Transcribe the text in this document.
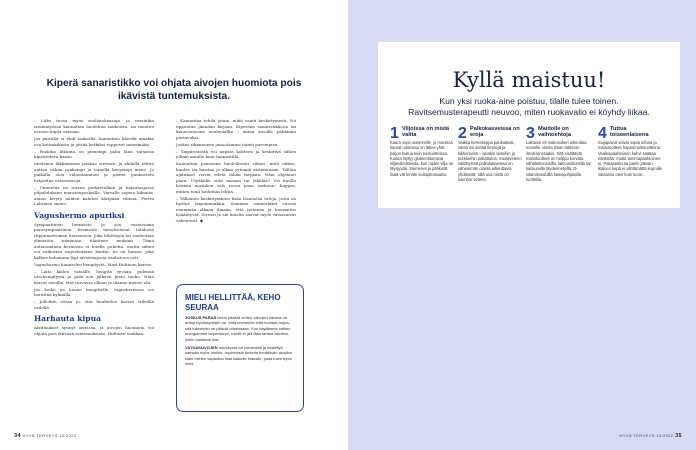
Kiperä sanaristikko voi ohjata aivojen huomiota pois ikävistä tuntemuksista.

– Liike tuosa myös suolistokaasuja, ja varsinkin istumatyössä kannattaa huolehtia taukoista, tai muuten nousee kupla vatsaan.

Jos päiväliä ei ehdi taukoilla, kannattaa käveliä ainakin osa kotimatkasta ja jättää hetkiksi rappuset menemään.

– Pauloka liikunta on pienempi paha kuin vatsassa kipristelevä kaasu.

Mielenen liikkuminen puskaa stressiä, ja yhdellä tätten auttaa vähän rankempi ja toinella kevyempi meno. Jo paikalla olon vähentäminen ja pienet puuhastelu helpottaa vatsavaivoja.

– Ummetus on turvaa perkertulkan ja hajautusjassa pilpahduksen maratonposkeille. Varsalle sopiva liikunta. annos kivyry näiden kahden ääripään välissä, Perttu Lahtinen sanoo.

Vagushermo apuriksi

Sympaattinen hermosto ja sen vastavoima parasympaattinen hermosto muodostavat tahdosta riippumattoman hermoston, joka lähtöisyiä tai rauhoittaa elimistön toimintaa tilanteen mukaan. Tämä autonominen hermosto ei totelle puhetta, mutta siihen voi vaikuttaa vagushermon kautta. Se on hermo, joka kulkee kehomme läpi aivorungosta suolistoon asti.

Vagushermo kuuntelee hengitystä, Mari Hultinen kertoo.

– Laita käden vatsalle, hengitä syvään, pidennä uloshengitystä ja pidä sen jälkeen pieni tauko. Näin kerrot aivoille, että turvassa ollaan ja tilanne menee ohi.

Jos heikö on huono hengittelle, vagushermosa voi herättää kylmällä.

– Jolloikin virtaa jo, että huuhtelee kasvot viileällä vedellä.

Harhauta kipua

Aistimukset synnyt aivoissa, ja aivojen huomiota voi ohjata pois ikävistä tuntemuksista, Hultinen vinkkaa.

– Kannattaa tehdä jotain, mikä vaatii keskittymistä. Voi uppoutua jännään kirjaan. Kiperään sanaristikkoon tai kiinnostavaan neuleniallin – antaa aivoille pähkinän purtavaksi.

Joskus rikannoeen janoolomme toimii parempien.

– Ympäristöstä voi napata kohteen ja keskittyä siihen jollain muulla kuin tunnustillä.

Kannattaa panevana huolellisesti siihen, mitä näkee, kuulee tai haistaa ja alkaa sytemiä aistimuuaan. Tällöin ajatukset voivat edetä tähän tarpaan. Näin ohjennet paan: Ulydänkö siitä naasaa tai jäkälää? Voi kuulla keiman aurinkon valo rossu paan ruskoon! Kappas, mitien tuuli heiluttaa lehtiä.

– Tällainen keskittyminen lisää läsnäoloa tuteja, josta on hyötyä laajemminkiin. Saamme esimerkiksi stressi enemmän alkaan ilmaan, että tyttanen ja kuormitus lisääntyvät. Stressi ja säi kiuslta saavat myös vatsavaivat vähenevät. ◆

MIELI HELLITTÄÄ, KEHO SEURAA

JOSKUS PARAS keino päästä omien vaivojen kanssa on antaa hyväksymään ne. Mitä enemmän niitä koettaa torjua, sitä tukemmin ne pitävät otteessaan. Kun käytämme kaiken energiamme torjumiseen, mielle ei jää tilaa tarttua asioihin, joihin tuottavat iloa.

VATSAVAIVOJEN merkitystä voi pienentää ja keskittyä samalla myös muihin, myönteisiä tunteita herättäviin asioihin. Näin mielen vapautuu tilaa kaikelle ihanalle, josta tulee hyvä mieli.

34 HYVÄ TERVEYS 10/2022	HYVÄ TERVEYS 10/2022 35
Kyllä maistuu!
Kun yksi ruoka-aine poistuu, tilalle tulee toinen. Ravitsemusterapeutti neuvoo, miten ruokavalio ei köyhdy liikaa.
1 Viljoissa on mistä valita
Kaura sopii useimmille, ja monissa kaurat uotteissa on lähes yhtä paljon kuitua kuin ruistuotteissa. Kuitua löytyy gluteenittomista viljavalmisteista, kun niiden vilja on täysjyvää. Siemenet ja pähkinät lisää vät lervän kuitupitoisuutta.
2 Palkokasveissa on eroja
Vaikka hernekeppa paukuttaisi, vatsa voi sietää linssejä ja kikherneitä – ainakin tietoihin ja purkkeihin pakattuina. Suolaveteen säilöttyissä palkokasveissa on vähemmän oireita aiheuttavia yhdisteitä, sillä osa niistä on liuennut veteen.
3 Maidolle on vaihtoehtoja
Laktoosi eli maitosokeri aiheuttaa monelle oireita ilman laktoosi-intoleranssiakin. Sitä sisältävät maitotuotteet on helppo korvata vähälaktoosisilla, laktoosittomilla tai kalsiumilla täydennetyillä, D-vitamiinoiduilla kasvipohjaisilla tuotteilla.
4 Tuttua toiseenlaisena
Soijapavut voivat sopia tofuna ja maitotuotteet hapanmaitotuotteina. Vaaleapaahtoinen kahvi saattaa närästää, mutta tummapaahtoinen ei. Pakastettu tai pariin päivän ikäinen leipä ei vähtämättä kuprulle vatsassa oten kuin tuore.
